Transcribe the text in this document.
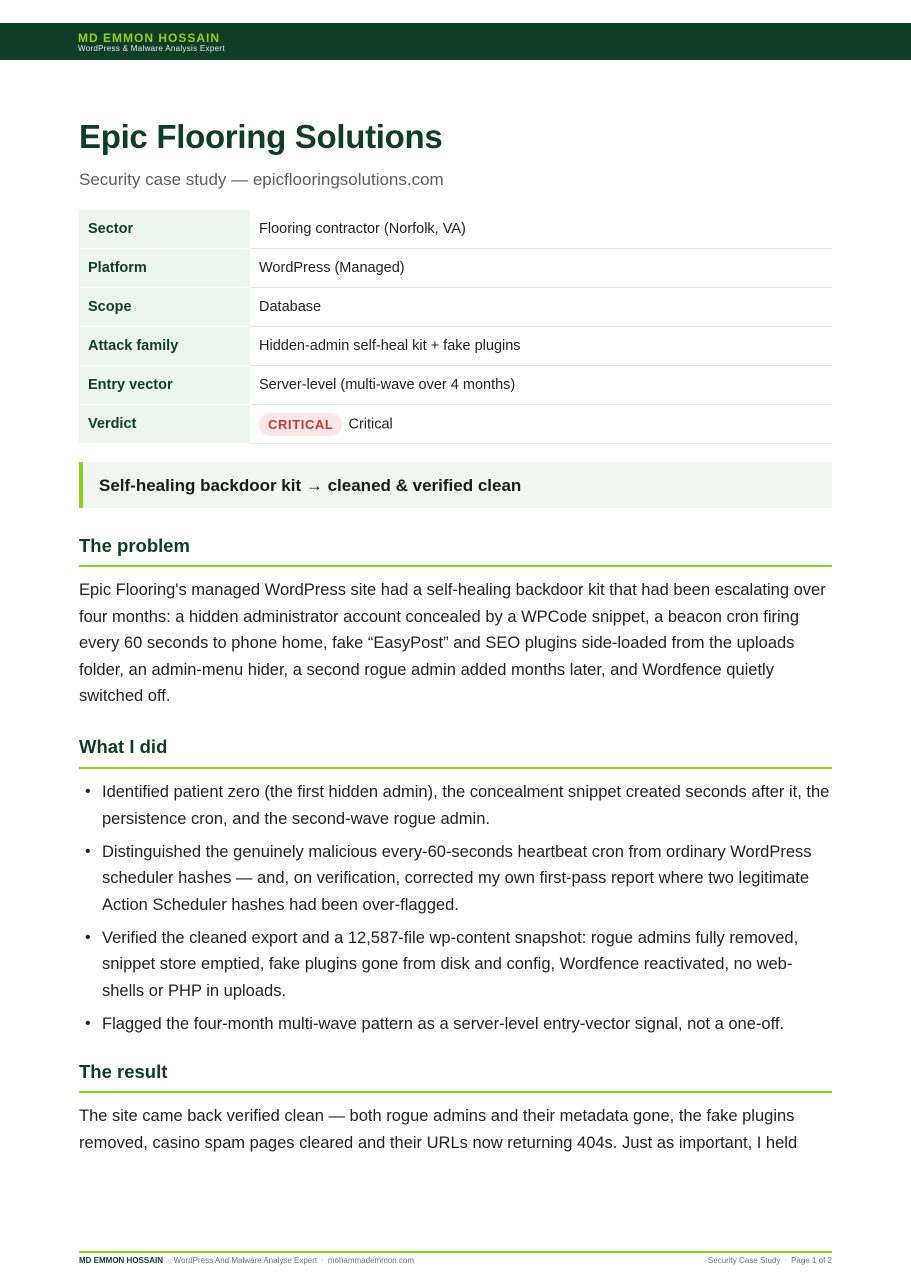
MD EMMON HOSSAIN
WordPress & Malware Analysis Expert
Epic Flooring Solutions
Security case study — epicflooringsolutions.com
Sector	Flooring contractor (Norfolk, VA)
Platform	WordPress (Managed)
Scope	Database
Attack family	Hidden-admin self-heal kit + fake plugins
Entry vector	Server-level (multi-wave over 4 months)
Verdict	CRITICAL Critical
Self-healing backdoor kit → cleaned & verified clean
The problem

Epic Flooring's managed WordPress site had a self-healing backdoor kit that had been escalating over four months: a hidden administrator account concealed by a WPCode snippet, a beacon cron firing every 60 seconds to phone home, fake “EasyPost” and SEO plugins side-loaded from the uploads folder, an admin-menu hider, a second rogue admin added months later, and Wordfence quietly switched off.

What I did
• Identified patient zero (the first hidden admin), the concealment snippet created seconds after it, the persistence cron, and the second-wave rogue admin.
• Distinguished the genuinely malicious every-60-seconds heartbeat cron from ordinary WordPress scheduler hashes — and, on verification, corrected my own first-pass report where two legitimate Action Scheduler hashes had been over-flagged.
• Verified the cleaned export and a 12,587-file wp-content snapshot: rogue admins fully removed, snippet store emptied, fake plugins gone from disk and config, Wordfence reactivated, no web-shells or PHP in uploads.
• Flagged the four-month multi-wave pattern as a server-level entry-vector signal, not a one-off.
The result

The site came back verified clean — both rogue admins and their metadata gone, the fake plugins removed, casino spam pages cleared and their URLs now returning 404s. Just as important, I held

MD EMMON HOSSAIN · WordPress And Malware Analyse Expert · mohammademmon.com	Security Case Study · Page 1 of 2
